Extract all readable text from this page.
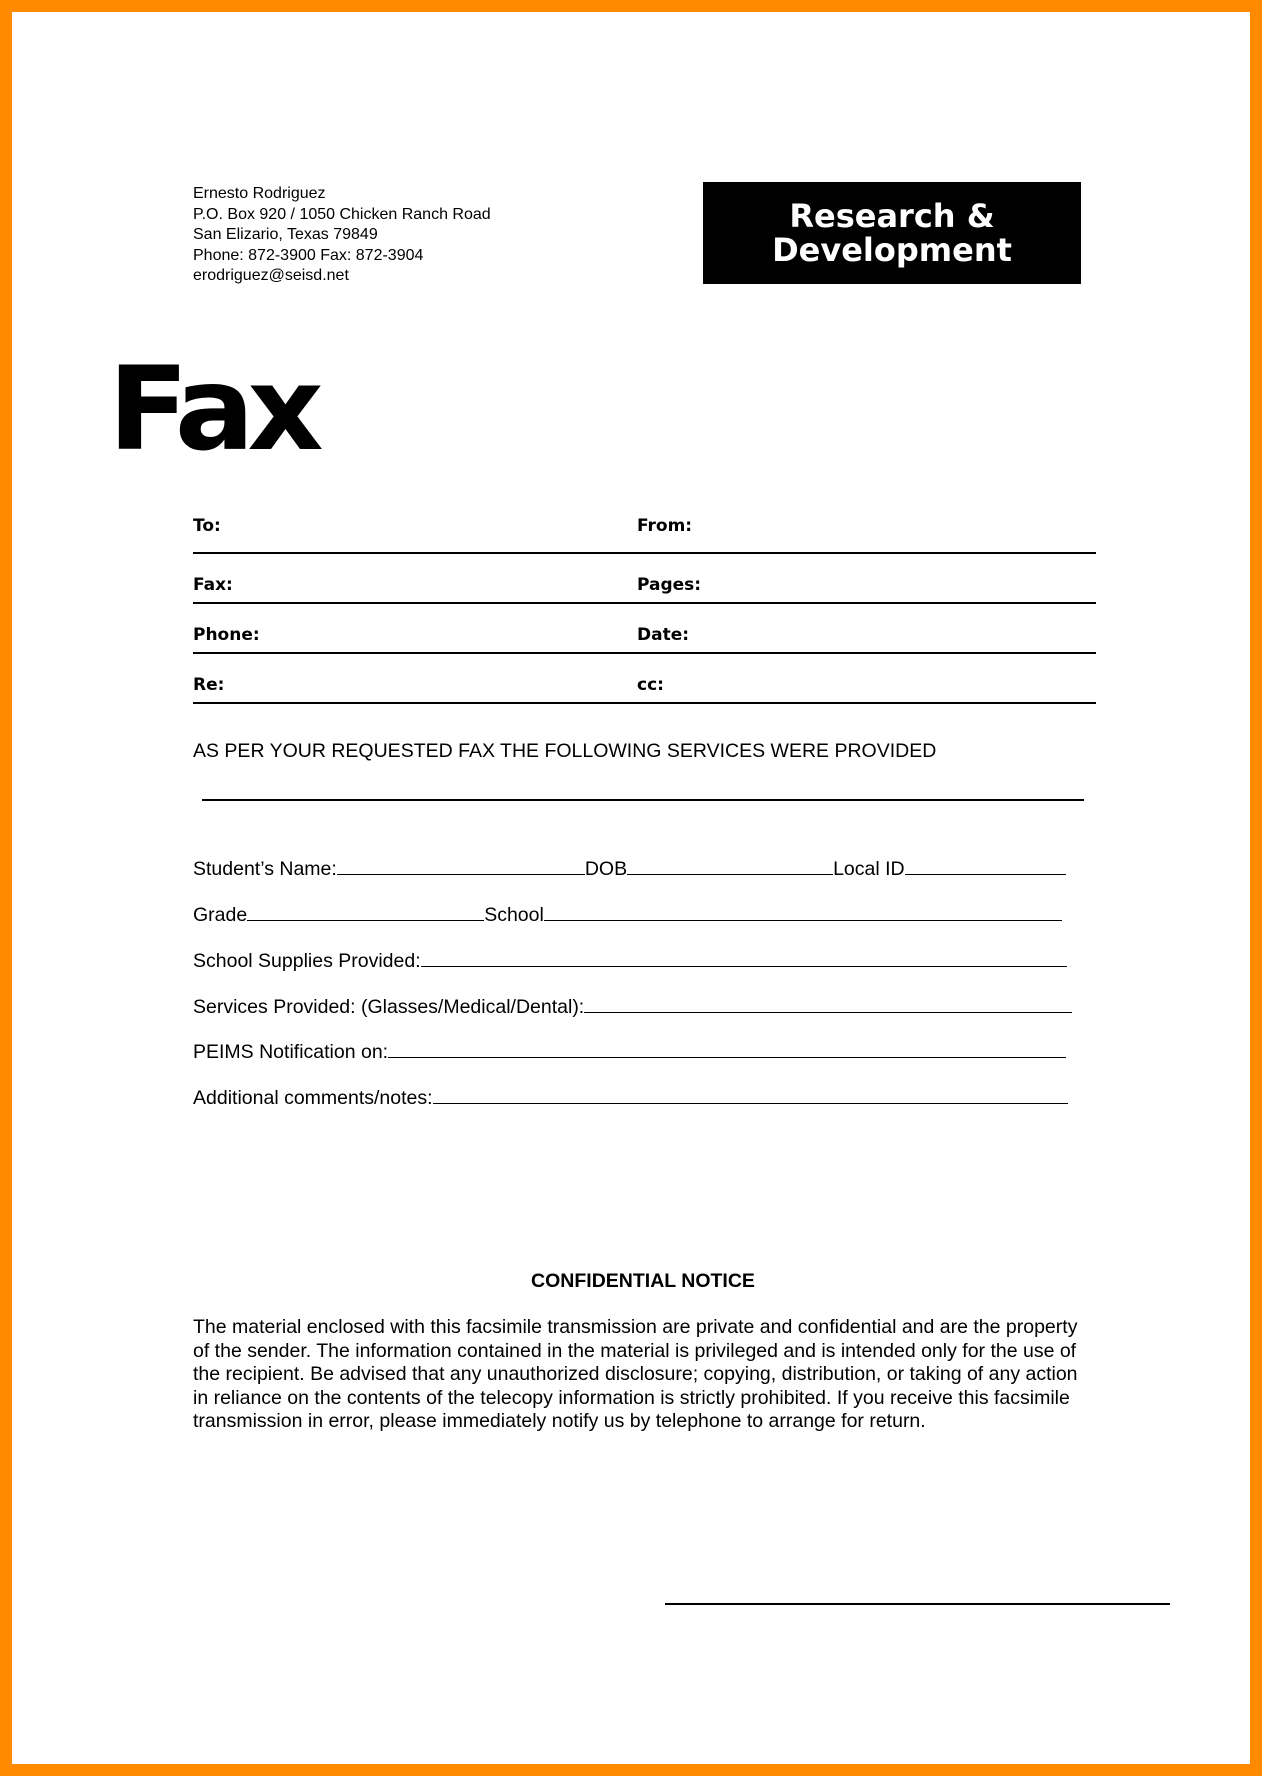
Ernesto Rodriguez
P.O. Box 920 / 1050 Chicken Ranch Road
San Elizario, Texas 79849
Phone: 872-3900 Fax: 872-3904
erodriguez@seisd.net
Research &
Development
Fax
To:	From:
Fax:	Pages:
Phone:	Date:
Re:	cc:
AS PER YOUR REQUESTED FAX THE FOLLOWING SERVICES WERE PROVIDED
Student’s Name:	DOB	Local ID
Grade	School
School Supplies Provided:
Services Provided: (Glasses/Medical/Dental):
PEIMS Notification on:
Additional comments/notes:
CONFIDENTIAL NOTICE
The material enclosed with this facsimile transmission are private and confidential and are the property
of the sender. The information contained in the material is privileged and is intended only for the use of
the recipient. Be advised that any unauthorized disclosure; copying, distribution, or taking of any action
in reliance on the contents of the telecopy information is strictly prohibited. If you receive this facsimile
transmission in error, please immediately notify us by telephone to arrange for return.
